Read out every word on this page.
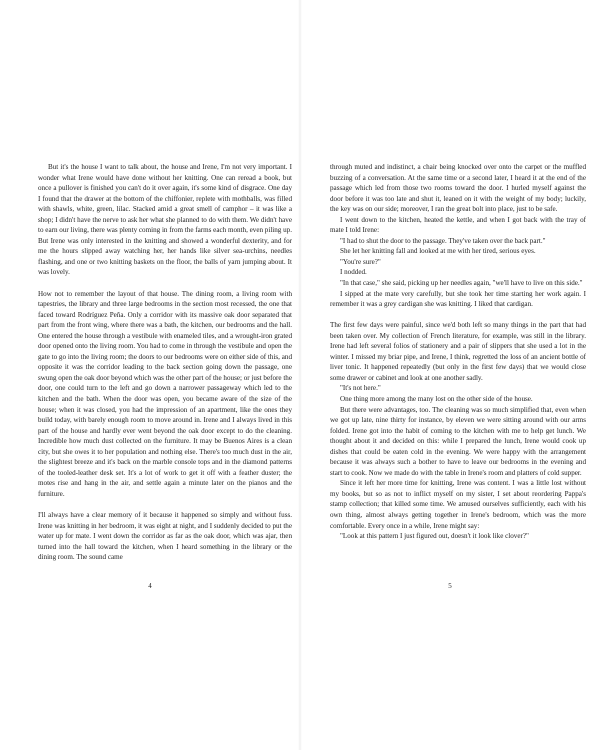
But it's the house I want to talk about, the house and Irene, I'm not very important. I wonder what Irene would have done without her knitting. One can reread a book, but once a pullover is finished you can't do it over again, it's some kind of disgrace. One day I found that the drawer at the bottom of the chiffonier, replete with mothballs, was filled with shawls, white, green, lilac. Stacked amid a great smell of camphor – it was like a shop; I didn't have the nerve to ask her what she planned to do with them. We didn't have to earn our living, there was plenty coming in from the farms each month, even piling up. But Irene was only interested in the knitting and showed a wonderful dexterity, and for me the hours slipped away watching her, her hands like silver sea-urchins, needles flashing, and one or two knitting baskets on the floor, the balls of yarn jumping about. It was lovely.

How not to remember the layout of that house. The dining room, a living room with tapestries, the library and three large bedrooms in the section most recessed, the one that faced toward Rodríguez Peña. Only a corridor with its massive oak door separated that part from the front wing, where there was a bath, the kitchen, our bedrooms and the hall. One entered the house through a vestibule with enameled tiles, and a wrought-iron grated door opened onto the living room. You had to come in through the vestibule and open the gate to go into the living room; the doors to our bedrooms were on either side of this, and opposite it was the corridor leading to the back section going down the passage, one swung open the oak door beyond which was the other part of the house; or just before the door, one could turn to the left and go down a narrower passageway which led to the kitchen and the bath. When the door was open, you became aware of the size of the house; when it was closed, you had the impression of an apartment, like the ones they build today, with barely enough room to move around in. Irene and I always lived in this part of the house and hardly ever went beyond the oak door except to do the cleaning. Incredible how much dust collected on the furniture. It may be Buenos Aires is a clean city, but she owes it to her population and nothing else. There's too much dust in the air, the slightest breeze and it's back on the marble console tops and in the diamond patterns of the tooled-leather desk set. It's a lot of work to get it off with a feather duster; the motes rise and hang in the air, and settle again a minute later on the pianos and the furniture.

I'll always have a clear memory of it because it happened so simply and without fuss. Irene was knitting in her bedroom, it was eight at night, and I suddenly decided to put the water up for mate. I went down the corridor as far as the oak door, which was ajar, then turned into the hall toward the kitchen, when I heard something in the library or the dining room. The sound came

4

through muted and indistinct, a chair being knocked over onto the carpet or the muffled buzzing of a conversation. At the same time or a second later, I heard it at the end of the passage which led from those two rooms toward the door. I hurled myself against the door before it was too late and shut it, leaned on it with the weight of my body; luckily, the key was on our side; moreover, I ran the great bolt into place, just to be safe.

I went down to the kitchen, heated the kettle, and when I got back with the tray of mate I told Irene:

"I had to shut the door to the passage. They've taken over the back part."

She let her knitting fall and looked at me with her tired, serious eyes.

"You're sure?"

I nodded.

"In that case," she said, picking up her needles again, "we'll have to live on this side."

I sipped at the mate very carefully, but she took her time starting her work again. I remember it was a grey cardigan she was knitting. I liked that cardigan.

The first few days were painful, since we'd both left so many things in the part that had been taken over. My collection of French literature, for example, was still in the library. Irene had left several folios of stationery and a pair of slippers that she used a lot in the winter. I missed my briar pipe, and Irene, I think, regretted the loss of an ancient bottle of liver tonic. It happened repeatedly (but only in the first few days) that we would close some drawer or cabinet and look at one another sadly.

"It's not here."

One thing more among the many lost on the other side of the house.

But there were advantages, too. The cleaning was so much simplified that, even when we got up late, nine thirty for instance, by eleven we were sitting around with our arms folded. Irene got into the habit of coming to the kitchen with me to help get lunch. We thought about it and decided on this: while I prepared the lunch, Irene would cook up dishes that could be eaten cold in the evening. We were happy with the arrangement because it was always such a bother to have to leave our bedrooms in the evening and start to cook. Now we made do with the table in Irene's room and platters of cold supper.

Since it left her more time for knitting, Irene was content. I was a little lost without my books, but so as not to inflict myself on my sister, I set about reordering Pappa's stamp collection; that killed some time. We amused ourselves sufficiently, each with his own thing, almost always getting together in Irene's bedroom, which was the more comfortable. Every once in a while, Irene might say:

"Look at this pattern I just figured out, doesn't it look like clover?"

5
